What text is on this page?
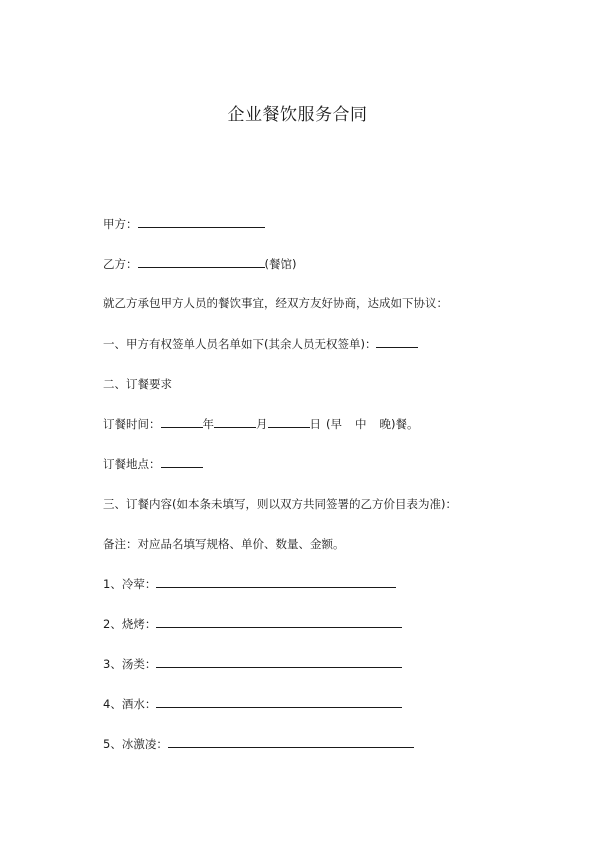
企业餐饮服务合同
甲方：
乙方：	(餐馆)
就乙方承包甲方人员的餐饮事宜，经双方友好协商，达成如下协议：
一、甲方有权签单人员名单如下(其余人员无权签单)：
二、订餐要求
订餐时间：	年	月	日 (早 中 晚)餐。
订餐地点：
三、订餐内容(如本条未填写，则以双方共同签署的乙方价目表为准)：
备注：对应品名填写规格、单价、数量、金额。
1、冷荤：
2、烧烤：
3、汤类：
4、酒水：
5、冰激凌：
